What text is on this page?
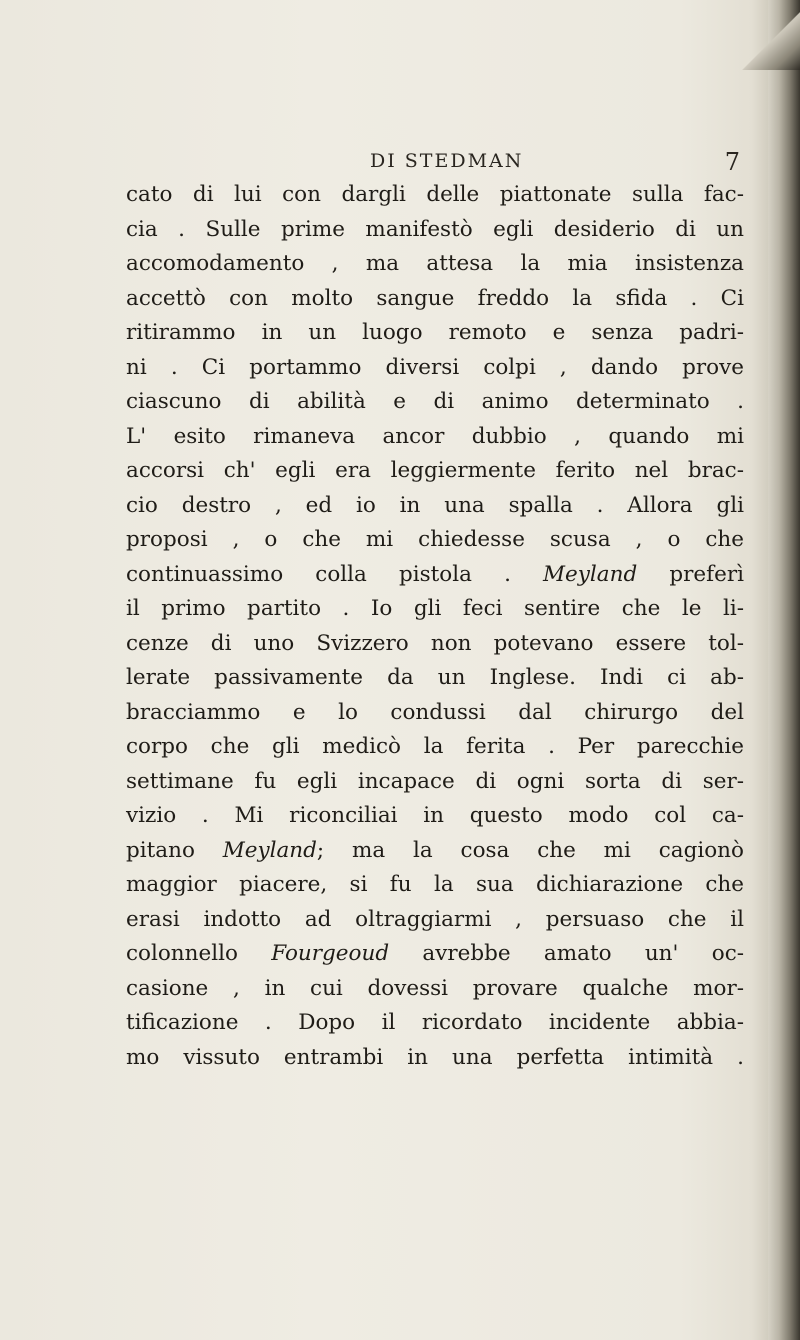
DI STEDMAN	7
cato di lui con dargli delle piattonate sulla fac-
cia . Sulle prime manifestò egli desiderio di un
accomodamento , ma attesa la mia insistenza
accettò con molto sangue freddo la sfida . Ci
ritirammo in un luogo remoto e senza padri-
ni . Ci portammo diversi colpi , dando prove
ciascuno di abilità e di animo determinato .
L' esito rimaneva ancor dubbio , quando mi
accorsi ch' egli era leggiermente ferito nel brac-
cio destro , ed io in una spalla . Allora gli
proposi , o che mi chiedesse scusa , o che
continuassimo colla pistola . Meyland preferì
il primo partito . Io gli feci sentire che le li-
cenze di uno Svizzero non potevano essere tol-
lerate passivamente da un Inglese. Indi ci ab-
bracciammo e lo condussi dal chirurgo del
corpo che gli medicò la ferita . Per parecchie
settimane fu egli incapace di ogni sorta di ser-
vizio . Mi riconciliai in questo modo col ca-
pitano Meyland; ma la cosa che mi cagionò
maggior piacere, si fu la sua dichiarazione che
erasi indotto ad oltraggiarmi , persuaso che il
colonnello Fourgeoud avrebbe amato un' oc-
casione , in cui dovessi provare qualche mor-
tificazione . Dopo il ricordato incidente abbia-
mo vissuto entrambi in una perfetta intimità .
